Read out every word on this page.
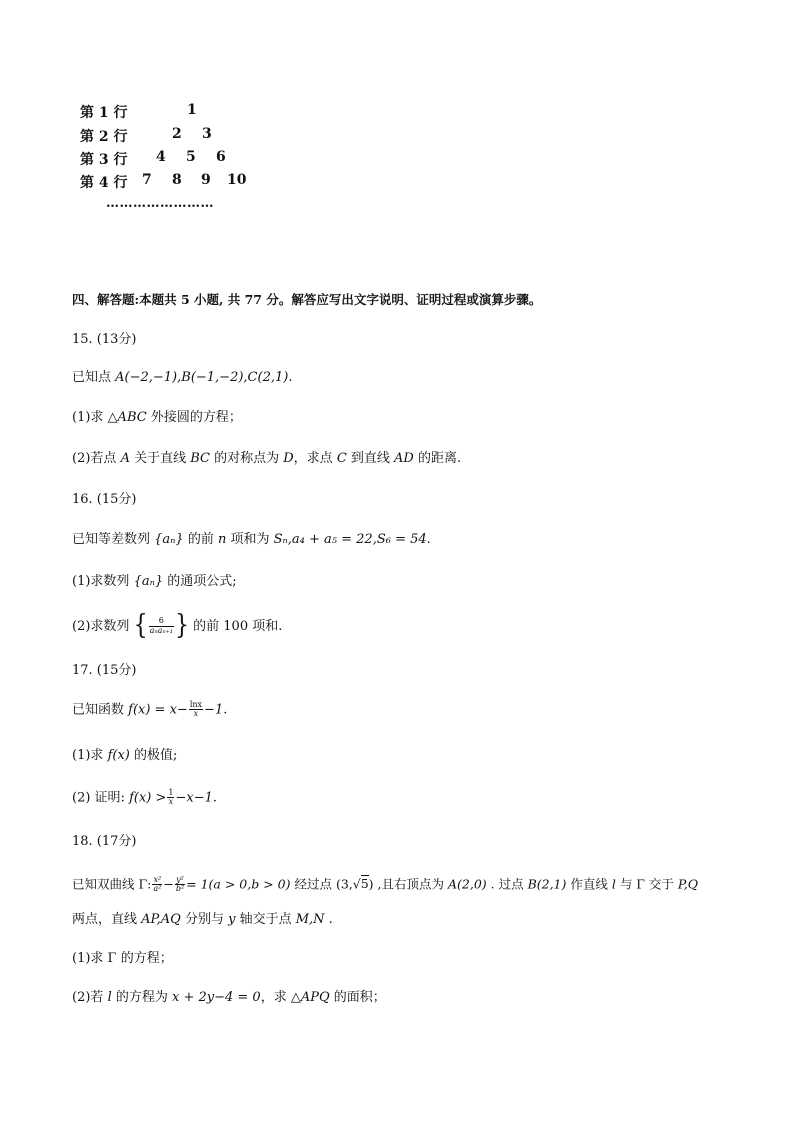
第 1 行	1
第 2 行	2 3
第 3 行 4 5 6
第 4 行 7 8 9 10
……………………
四、解答题:本题共 5 小题, 共 77 分。解答应写出文字说明、证明过程或演算步骤。
15. (13分)
已知点 A(−2,−1),B(−1,−2),C(2,1).
(1)求 △ABC 外接圆的方程；
(2)若点 A 关于直线 BC 的对称点为 D，求点 C 到直线 AD 的距离.
16. (15分)
已知等差数列 {aₙ} 的前 n 项和为 Sₙ,a₄ + a₅ = 22,S₆ = 54.
(1)求数列 {aₙ} 的通项公式;
(2)求数列 { $\frac{6}{\text{aₙaₙ₊₁}}$ } 的前 100 项和.
17. (15分)
已知函数 $f(x) = x- \frac{\ln x}{x} -1$.
(1)求 f(x) 的极值;
(2) 证明: $f(x) > \frac{1}{x} -x-1$.
18. (17分)
已知双曲线 Γ: $\frac{\text{x²}}{\text{a²}} - \frac{\text{y²}}{\text{b²}} = 1(a > 0,b > 0)$ 经过点 (3,√5) ,且右顶点为 A(2,0) . 过点 B(2,1) 作直线 l 与 Γ 交于 P,Q
两点，直线 AP,AQ 分别与 y 轴交于点 M,N .
(1)求 Γ 的方程；
(2)若 l 的方程为 x + 2y−4 = 0，求 △APQ 的面积；
